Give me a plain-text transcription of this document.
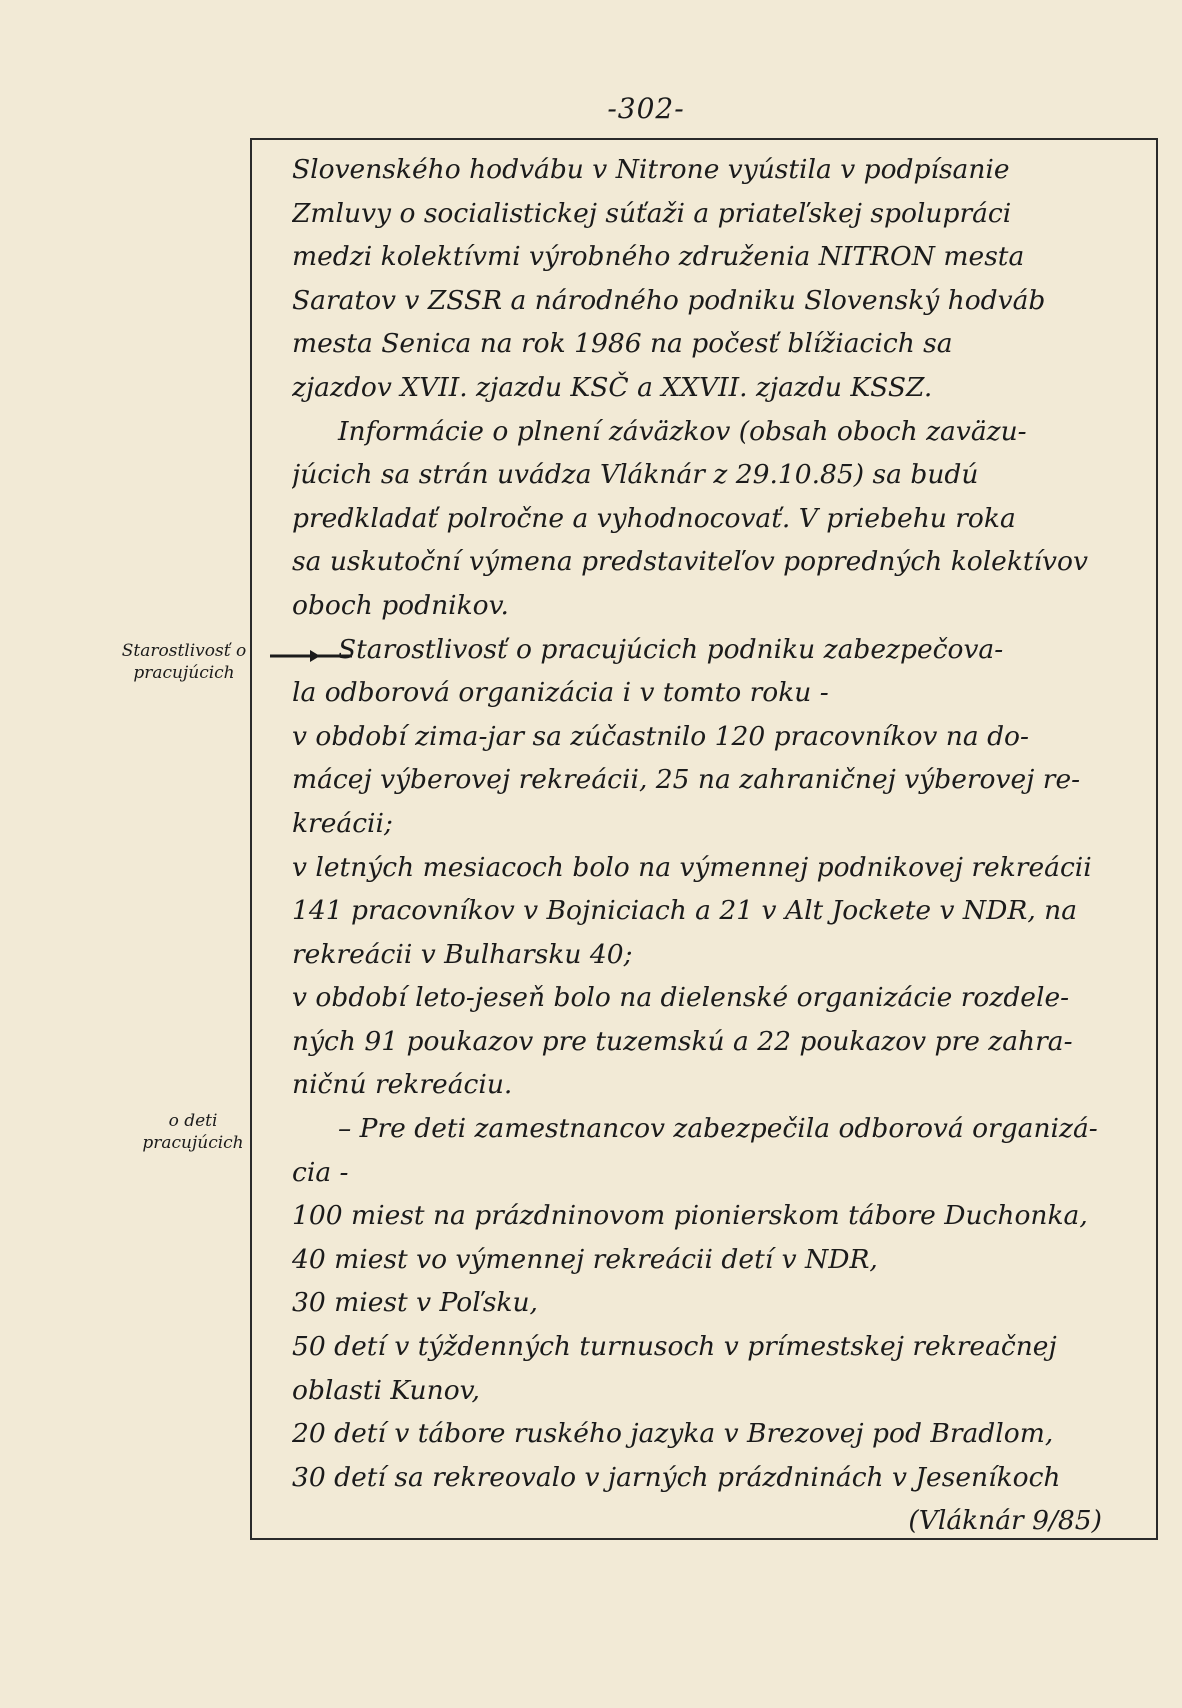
-302-
Starostlivosť o pracujúcich
o deti pracujúcich
Slovenského hodvábu v Nitrone vyústila v podpísanie
Zmluvy o socialistickej súťaži a priateľskej spolupráci
medzi kolektívmi výrobného združenia NITRON mesta
Saratov v ZSSR a národného podniku Slovenský hodváb
mesta Senica na rok 1986 na počesť blížiacich sa
zjazdov XVII. zjazdu KSČ a XXVII. zjazdu KSSZ.
Informácie o plnení záväzkov (obsah oboch zaväzu-
júcich sa strán uvádza Vláknár z 29.10.85) sa budú
predkladať polročne a vyhodnocovať. V priebehu roka
sa uskutoční výmena predstaviteľov popredných kolektívov
oboch podnikov.
Starostlivosť o pracujúcich podniku zabezpečova-
la odborová organizácia i v tomto roku -
• v období zima-jar sa zúčastnilo 120 pracovníkov na do-
mácej výberovej rekreácii, 25 na zahraničnej výberovej re-
kreácii;
• v letných mesiacoch bolo na výmennej podnikovej rekreácii
141 pracovníkov v Bojniciach a 21 v Alt Jockete v NDR, na
rekreácii v Bulharsku 40;
• v období leto-jeseň bolo na dielenské organizácie rozdele-
ných 91 poukazov pre tuzemskú a 22 poukazov pre zahra-
ničnú rekreáciu.
– Pre deti zamestnancov zabezpečila odborová organizá-
cia -
• 100 miest na prázdninovom pionierskom tábore Duchonka,
• 40 miest vo výmennej rekreácii detí v NDR,
• 30 miest v Poľsku,
• 50 detí v týždenných turnusoch v prímestskej rekreačnej
oblasti Kunov,
• 20 detí v tábore ruského jazyka v Brezovej pod Bradlom,
• 30 detí sa rekreovalo v jarných prázdninách v Jeseníkoch
(Vláknár 9/85)
